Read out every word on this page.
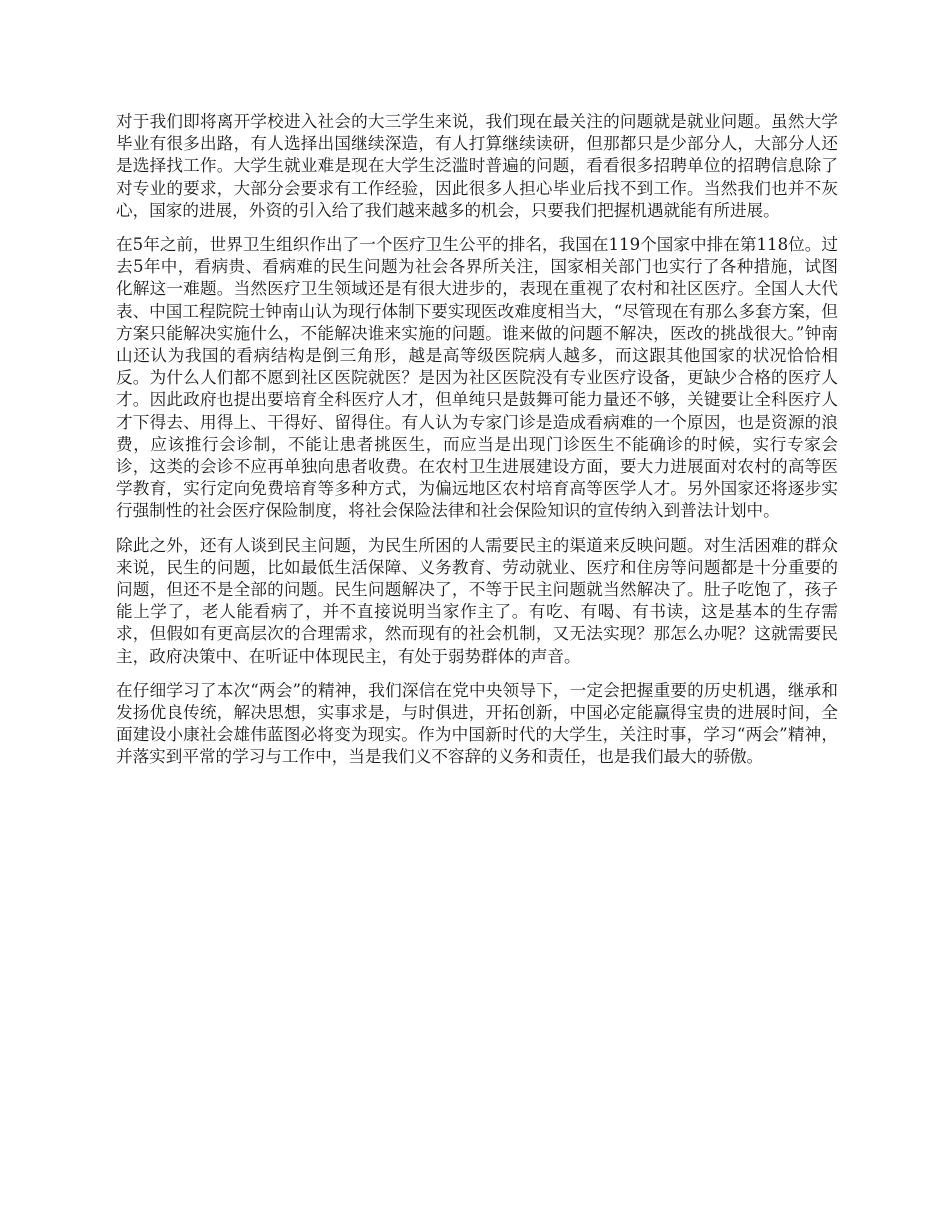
对于我们即将离开学校进入社会的大三学生来说，我们现在最关注的问题就是就业问题。虽然大学毕业有很多出路，有人选择出国继续深造，有人打算继续读研，但那都只是少部分人，大部分人还是选择找工作。大学生就业难是现在大学生泛滥时普遍的问题，看看很多招聘单位的招聘信息除了对专业的要求，大部分会要求有工作经验，因此很多人担心毕业后找不到工作。当然我们也并不灰心，国家的进展，外资的引入给了我们越来越多的机会，只要我们把握机遇就能有所进展。

在5年之前，世界卫生组织作出了一个医疗卫生公平的排名，我国在119个国家中排在第118位。过去5年中，看病贵、看病难的民生问题为社会各界所关注，国家相关部门也实行了各种措施，试图化解这一难题。当然医疗卫生领域还是有很大进步的，表现在重视了农村和社区医疗。全国人大代表、中国工程院院士钟南山认为现行体制下要实现医改难度相当大，“尽管现在有那么多套方案，但方案只能解决实施什么，不能解决谁来实施的问题。谁来做的问题不解决，医改的挑战很大。”钟南山还认为我国的看病结构是倒三角形，越是高等级医院病人越多，而这跟其他国家的状况恰恰相反。为什么人们都不愿到社区医院就医？是因为社区医院没有专业医疗设备，更缺少合格的医疗人才。因此政府也提出要培育全科医疗人才，但单纯只是鼓舞可能力量还不够，关键要让全科医疗人才下得去、用得上、干得好、留得住。有人认为专家门诊是造成看病难的一个原因，也是资源的浪费，应该推行会诊制，不能让患者挑医生，而应当是出现门诊医生不能确诊的时候，实行专家会诊，这类的会诊不应再单独向患者收费。在农村卫生进展建设方面，要大力进展面对农村的高等医学教育，实行定向免费培育等多种方式，为偏远地区农村培育高等医学人才。另外国家还将逐步实行强制性的社会医疗保险制度，将社会保险法律和社会保险知识的宣传纳入到普法计划中。

除此之外，还有人谈到民主问题，为民生所困的人需要民主的渠道来反映问题。对生活困难的群众来说，民生的问题，比如最低生活保障、义务教育、劳动就业、医疗和住房等问题都是十分重要的问题，但还不是全部的问题。民生问题解决了，不等于民主问题就当然解决了。肚子吃饱了，孩子能上学了，老人能看病了，并不直接说明当家作主了。有吃、有喝、有书读，这是基本的生存需求，但假如有更高层次的合理需求，然而现有的社会机制，又无法实现？那怎么办呢？这就需要民主，政府决策中、在听证中体现民主，有处于弱势群体的声音。

在仔细学习了本次“两会”的精神，我们深信在党中央领导下，一定会把握重要的历史机遇，继承和发扬优良传统，解决思想，实事求是，与时俱进，开拓创新，中国必定能赢得宝贵的进展时间，全面建设小康社会雄伟蓝图必将变为现实。作为中国新时代的大学生，关注时事，学习“两会”精神，并落实到平常的学习与工作中，当是我们义不容辞的义务和责任，也是我们最大的骄傲。
